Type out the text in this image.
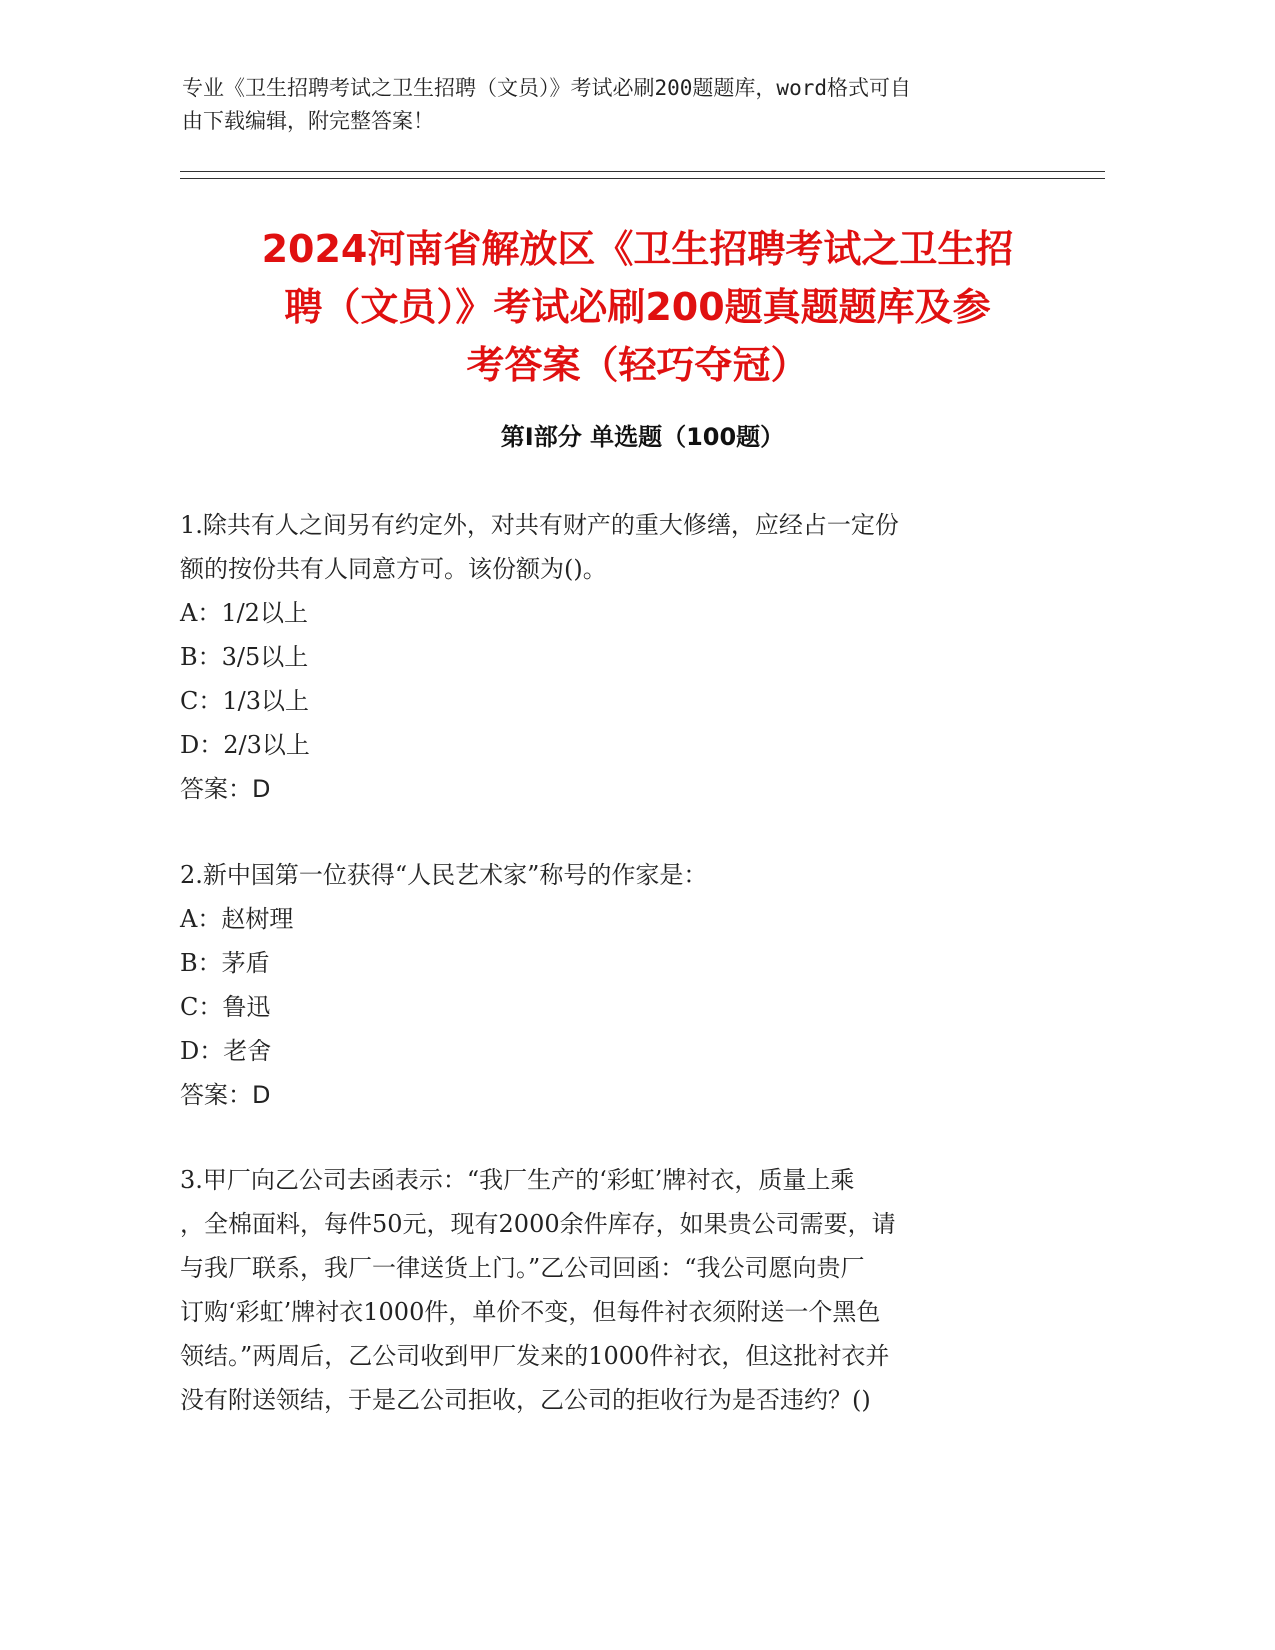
专业《卫生招聘考试之卫生招聘（文员）》考试必刷200题题库，word格式可自
由下载编辑，附完整答案！
2024河南省解放区《卫生招聘考试之卫生招
聘（文员）》考试必刷200题真题题库及参
考答案（轻巧夺冠）
第Ⅰ部分 单选题（100题）

1.除共有人之间另有约定外，对共有财产的重大修缮，应经占一定份

额的按份共有人同意方可。该份额为()。

A：1/2以上

B：3/5以上

C：1/3以上

D：2/3以上

答案：D

2.新中国第一位获得“人民艺术家”称号的作家是：

A：赵树理

B：茅盾

C：鲁迅

D：老舍

答案：D

3.甲厂向乙公司去函表示：“我厂生产的‘彩虹’牌衬衣，质量上乘

，全棉面料，每件50元，现有2000余件库存，如果贵公司需要，请

与我厂联系，我厂一律送货上门。”乙公司回函：“我公司愿向贵厂

订购‘彩虹’牌衬衣1000件，单价不变，但每件衬衣须附送一个黑色

领结。”两周后，乙公司收到甲厂发来的1000件衬衣，但这批衬衣并

没有附送领结，于是乙公司拒收，乙公司的拒收行为是否违约？()
